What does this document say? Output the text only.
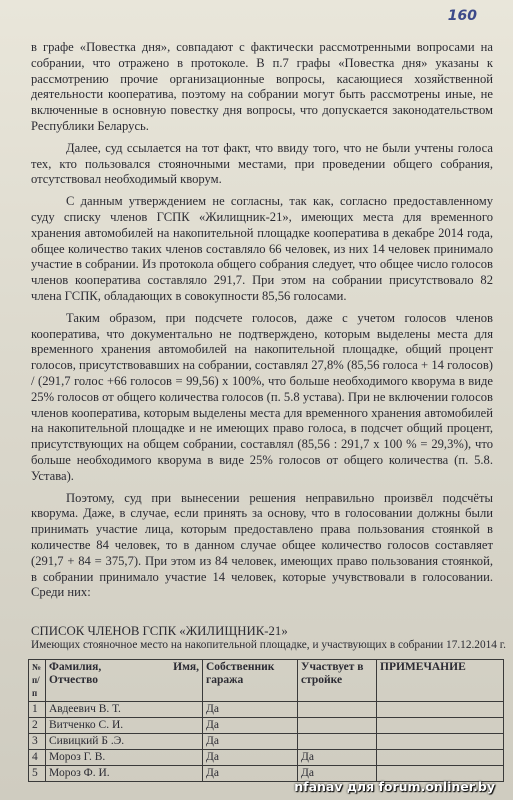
160

в графе «Повестка дня», совпадают с фактически рассмотренными вопросами на собрании, что отражено в протоколе. В п.7 графы «Повестка дня» указаны к рассмотрению прочие организационные вопросы, касающиеся хозяйственной деятельности кооператива, поэтому на собрании могут быть рассмотрены иные, не включенные в основную повестку дня вопросы, что допускается законодательством Республики Беларусь.

Далее, суд ссылается на тот факт, что ввиду того, что не были учтены голоса тех, кто пользовался стояночными местами, при проведении общего собрания, отсутствовал необходимый кворум.

С данным утверждением не согласны, так как, согласно предоставленному суду списку членов ГСПК «Жилищник-21», имеющих места для временного хранения автомобилей на накопительной площадке кооператива в декабре 2014 года, общее количество таких членов составляло 66 человек, из них 14 человек принимало участие в собрании. Из протокола общего собрания следует, что общее число голосов членов кооператива составляло 291,7. При этом на собрании присутствовало 82 члена ГСПК, обладающих в совокупности 85,56 голосами.

Таким образом, при подсчете голосов, даже с учетом голосов членов кооператива, что документально не подтверждено, которым выделены места для временного хранения автомобилей на накопительной площадке, общий процент голосов, присутствовавших на собрании, составлял 27,8% (85,56 голоса + 14 голосов) / (291,7 голос +66 голосов = 99,56) х 100%, что больше необходимого кворума в виде 25% голосов от общего количества голосов (п. 5.8 устава). При не включении голосов членов кооператива, которым выделены места для временного хранения автомобилей на накопительной площадке и не имеющих право голоса, в подсчет общий процент, присутствующих на общем собрании, составлял (85,56 : 291,7 х 100 % = 29,3%), что больше необходимого кворума в виде 25% голосов от общего количества (п. 5.8. Устава).

Поэтому, суд при вынесении решения неправильно произвёл подсчёты кворума. Даже, в случае, если принять за основу, что в голосовании должны были принимать участие лица, которым предоставлено права пользования стоянкой в количестве 84 человек, то в данном случае общее количество голосов составляет (291,7 + 84 = 375,7). При этом из 84 человек, имеющих право пользования стоянкой, в собрании принимало участие 14 человек, которые учувствовали в голосовании. Среди них:

СПИСОК ЧЛЕНОВ ГСПК «ЖИЛИЩНИК-21»
Имеющих стояночное место на накопительной площадке, и участвующих в собрании 17.12.2014 г.
№ п/п	Фамилия, Имя,
Отчество	Собственник гаража	Участвует в стройке	ПРИМЕЧАНИЕ
1	Авдеевич В. Т.	Да		
2	Витченко С. И.	Да		
3	Сивицкий Б .Э.	Да		
4	Мороз Г. В.	Да	Да	
5	Мороз Ф. И.	Да	Да	
nfanav для forum.onliner.by
